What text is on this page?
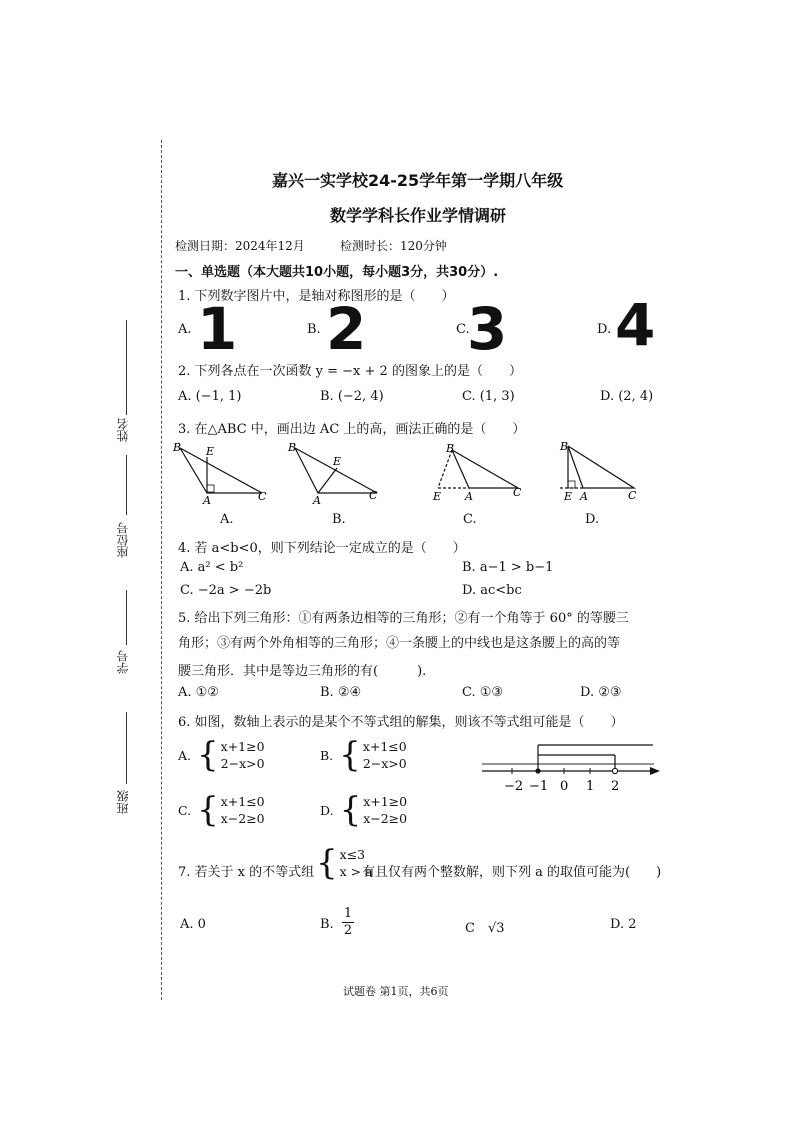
姓名
座位号
学号
班级
嘉兴一实学校24-25学年第一学期八年级
数学学科长作业学情调研
检测日期：2024年12月	检测时长：120分钟
一、单选题（本大题共10小题，每小题3分，共30分）.
1. 下列数字图片中，是轴对称图形的是（　　）
A. 1	B. 2	C.
3	D. 4
2. 下列各点在一次函数 y = −x + 2 的图象上的是（　　）
A. (−1, 1)	B. (−2, 4)	C. (1, 3)	D. (2, 4)
3. 在△ABC 中，画出边 AC 上的高，画法正确的是（　　）
B E
A	C
A.
B
E
A	C
B.
B
E A	C
C.
B
E A	C
D.
4. 若 a<b<0，则下列结论一定成立的是（　　）
A. a² < b²	B. a−1 > b−1
C. −2a > −2b	D. ac<bc
5. 给出下列三角形：①有两条边相等的三角形；②有一个角等于 60° 的等腰三
角形；③有两个外角相等的三角形；④一条腰上的中线也是这条腰上的高的等
腰三角形．其中是等边三角形的有(　　　).
A. ①②	B. ②④	C. ①③	D. ②③
6. 如图，数轴上表示的是某个不等式组的解集，则该不等式组可能是（　　）
A. { x+1≥0
2−x>0
B. { x+1≤0
2−x>0
C. { x+1≤0
x−2≥0
D. { x+1≥0
x−2≥0
−2 −1 0 1 2
7. 若关于 x 的不等式组 { x≤3
x > a
有且仅有两个整数解，则下列 a 的取值可能为(　　)
A. 0	B. $\frac{1}{2}$	C　√3	D. 2
试题卷 第1页，共6页
